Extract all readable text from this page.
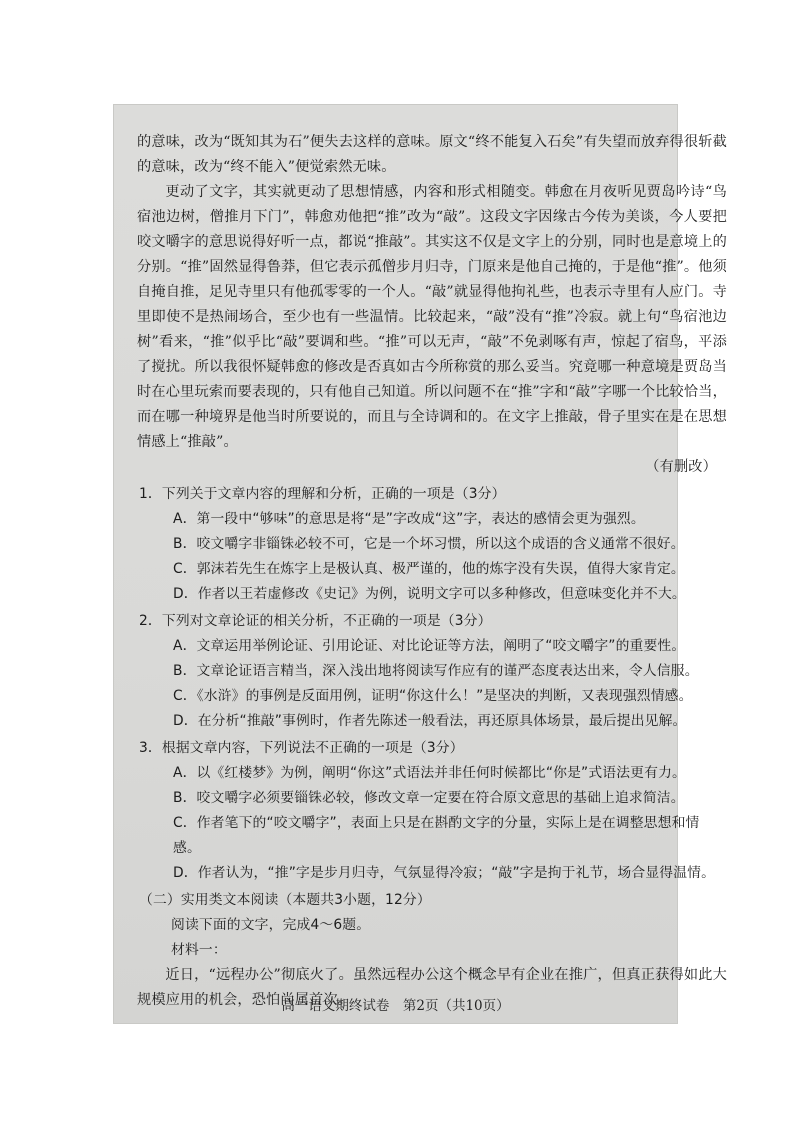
的意味，改为“既知其为石”便失去这样的意味。原文“终不能复入石矣”有失望而放弃得很斩截的意味，改为“终不能入”便觉索然无味。

更动了文字，其实就更动了思想情感，内容和形式相随变。韩愈在月夜听见贾岛吟诗“鸟宿池边树，僧推月下门”，韩愈劝他把“推”改为“敲”。这段文字因缘古今传为美谈，今人要把咬文嚼字的意思说得好听一点，都说“推敲”。其实这不仅是文字上的分别，同时也是意境上的分别。“推”固然显得鲁莽，但它表示孤僧步月归寺，门原来是他自己掩的，于是他“推”。他须自掩自推，足见寺里只有他孤零零的一个人。“敲”就显得他拘礼些，也表示寺里有人应门。寺里即使不是热闹场合，至少也有一些温情。比较起来，“敲”没有“推”冷寂。就上句“鸟宿池边树”看来，“推”似乎比“敲”要调和些。“推”可以无声，“敲”不免剥啄有声，惊起了宿鸟，平添了搅扰。所以我很怀疑韩愈的修改是否真如古今所称赏的那么妥当。究竟哪一种意境是贾岛当时在心里玩索而要表现的，只有他自己知道。所以问题不在“推”字和“敲”字哪一个比较恰当，而在哪一种境界是他当时所要说的，而且与全诗调和的。在文字上推敲，骨子里实在是在思想情感上“推敲”。

（有删改）

1．下列关于文章内容的理解和分析，正确的一项是（3分）
A．第一段中“够味”的意思是将“是”字改成“这”字，表达的感情会更为强烈。
B．咬文嚼字非锱铢必较不可，它是一个坏习惯，所以这个成语的含义通常不很好。
C．郭沫若先生在炼字上是极认真、极严谨的，他的炼字没有失误，值得大家肯定。
D．作者以王若虚修改《史记》为例，说明文字可以多种修改，但意味变化并不大。
2．下列对文章论证的相关分析，不正确的一项是（3分）
A．文章运用举例论证、引用论证、对比论证等方法，阐明了“咬文嚼字”的重要性。
B．文章论证语言精当，深入浅出地将阅读写作应有的谨严态度表达出来，令人信服。
C．《水浒》的事例是反面用例，证明“你这什么！”是坚决的判断，又表现强烈情感。
D．在分析“推敲”事例时，作者先陈述一般看法，再还原具体场景，最后提出见解。
3．根据文章内容，下列说法不正确的一项是（3分）
A．以《红楼梦》为例，阐明“你这”式语法并非任何时候都比“你是”式语法更有力。
B．咬文嚼字必须要锱铢必较，修改文章一定要在符合原文意思的基础上追求简洁。
C．作者笔下的“咬文嚼字”，表面上只是在斟酌文字的分量，实际上是在调整思想和情感。
D．作者认为，“推”字是步月归寺，气氛显得冷寂；“敲”字是拘于礼节，场合显得温情。
（二）实用类文本阅读（本题共3小题，12分）
阅读下面的文字，完成4～6题。
材料一：

近日，“远程办公”彻底火了。虽然远程办公这个概念早有企业在推广，但真正获得如此大规模应用的机会，恐怕尚属首次。

高一语文期终试卷　第2页（共10页）
